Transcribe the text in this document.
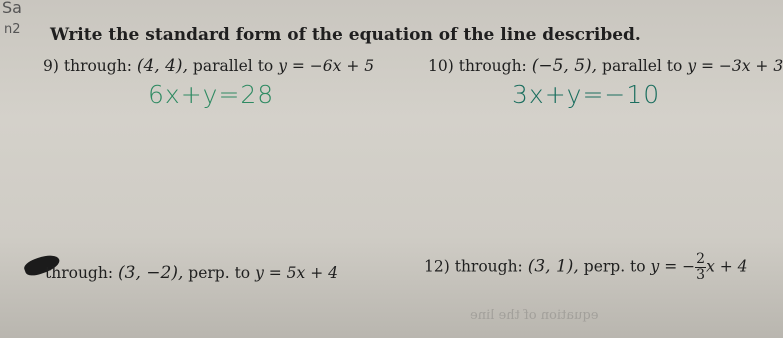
Sa
n2 Write the standard form of the equation of the line described.
9) through: (4, 4), parallel to y = −6x + 5
6x+y=28
10) through: (−5, 5), parallel to y = −3x + 3
3x+y=−10
through: (3, −2), perp. to y = 5x + 4	12) through: (3, 1), perp. to y = − $\frac{2}{3}$ x + 4
equation of the line
